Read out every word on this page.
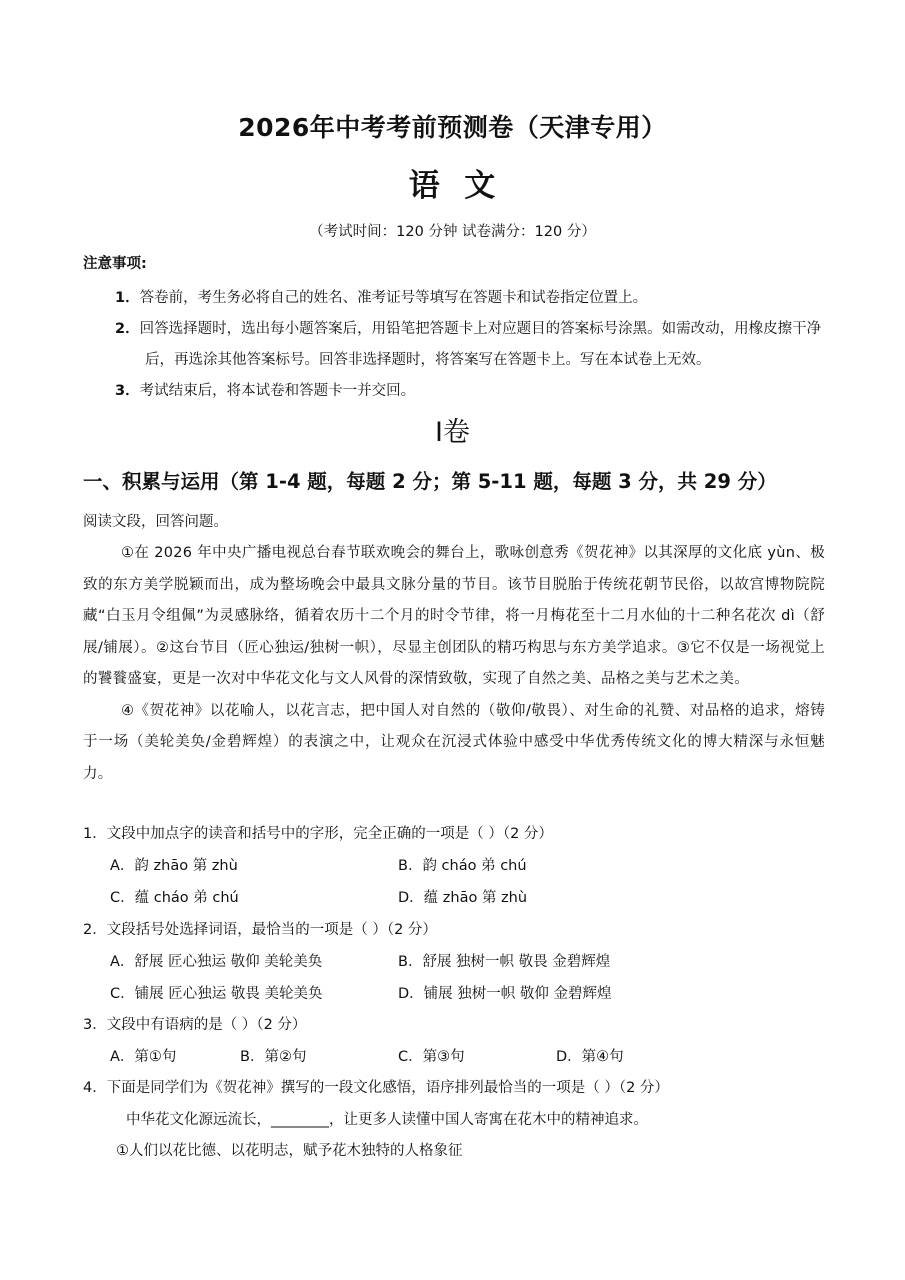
2026年中考考前预测卷（天津专用）
语  文
（考试时间：120 分钟 试卷满分：120 分）
注意事项:

1．答卷前，考生务必将自己的姓名、准考证号等填写在答题卡和试卷指定位置上。

2．回答选择题时，选出每小题答案后，用铅笔把答题卡上对应题目的答案标号涂黑。如需改动，用橡皮擦干净后，再选涂其他答案标号。回答非选择题时，将答案写在答题卡上。写在本试卷上无效。

3．考试结束后，将本试卷和答题卡一并交回。

Ⅰ卷
一、积累与运用（第 1-4 题，每题 2 分；第 5-11 题，每题 3 分，共 29 分）
阅读文段，回答问题。

①在 2026 年中央广播电视总台春节联欢晚会的舞台上，歌咏创意秀《贺花神》以其深厚的文化底 yùn、极致的东方美学脱颖而出，成为整场晚会中最具文脉分量的节目。该节目脱胎于传统花朝节民俗，以故宫博物院院藏“白玉月令组佩”为灵感脉络，循着农历十二个月的时令节律，将一月梅花至十二月水仙的十二种名花次 dì（舒展/铺展）。②这台节目（匠心独运/独树一帜），尽显主创团队的精巧构思与东方美学追求。③它不仅是一场视觉上的饕餮盛宴，更是一次对中华花文化与文人风骨的深情致敬，实现了自然之美、品格之美与艺术之美。

④《贺花神》以花喻人，以花言志，把中国人对自然的（敬仰/敬畏）、对生命的礼赞、对品格的追求，熔铸于一场（美轮美奂/金碧辉煌）的表演之中，让观众在沉浸式体验中感受中华优秀传统文化的博大精深与永恒魅力。

1．文段中加点字的读音和括号中的字形，完全正确的一项是（ ）（2 分）
A．韵 zhāo 第 zhù	B．韵 cháo 弟 chú
C．蕴 cháo 弟 chú	D．蕴 zhāo 第 zhù
2．文段括号处选择词语，最恰当的一项是（ ）（2 分）
A．舒展 匠心独运 敬仰 美轮美奂	B．舒展 独树一帜 敬畏 金碧辉煌
C．铺展 匠心独运 敬畏 美轮美奂	D．铺展 独树一帜 敬仰 金碧辉煌
3．文段中有语病的是（ ）（2 分）
A．第①句	B．第②句	C．第③句	D．第④句
4．下面是同学们为《贺花神》撰写的一段文化感悟，语序排列最恰当的一项是（ ）（2 分）
中华花文化源远流长，________，让更多人读懂中国人寄寓在花木中的精神追求。
①人们以花比德、以花明志，赋予花木独特的人格象征
